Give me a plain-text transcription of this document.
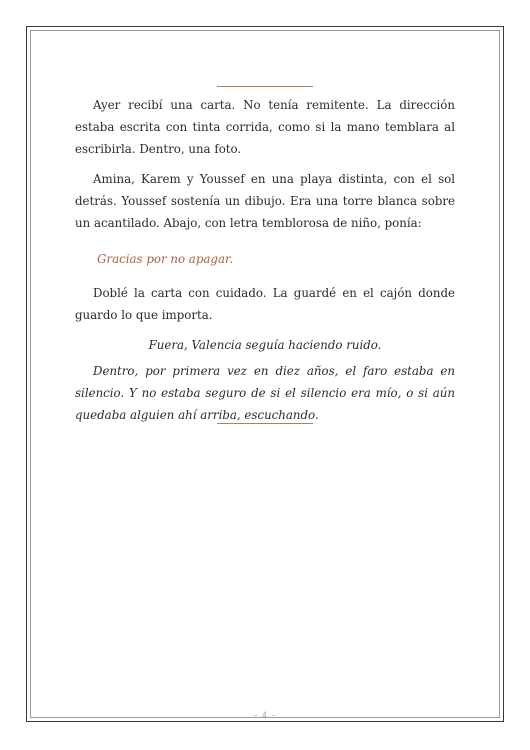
Ayer recibí una carta. No tenía remitente. La dirección estaba escrita con tinta corrida, como si la mano temblara al escribirla. Dentro, una foto.

Amina, Karem y Youssef en una playa distinta, con el sol detrás. Youssef sostenía un dibujo. Era una torre blanca sobre un acantilado. Abajo, con letra temblorosa de niño, ponía:

Gracias por no apagar.

Doblé la carta con cuidado. La guardé en el cajón donde guardo lo que importa.

Fuera, Valencia seguía haciendo ruido.

Dentro, por primera vez en diez años, el faro estaba en silencio. Y no estaba seguro de si el silencio era mío, o si aún quedaba alguien ahí arriba, escuchando.

– 4 –
